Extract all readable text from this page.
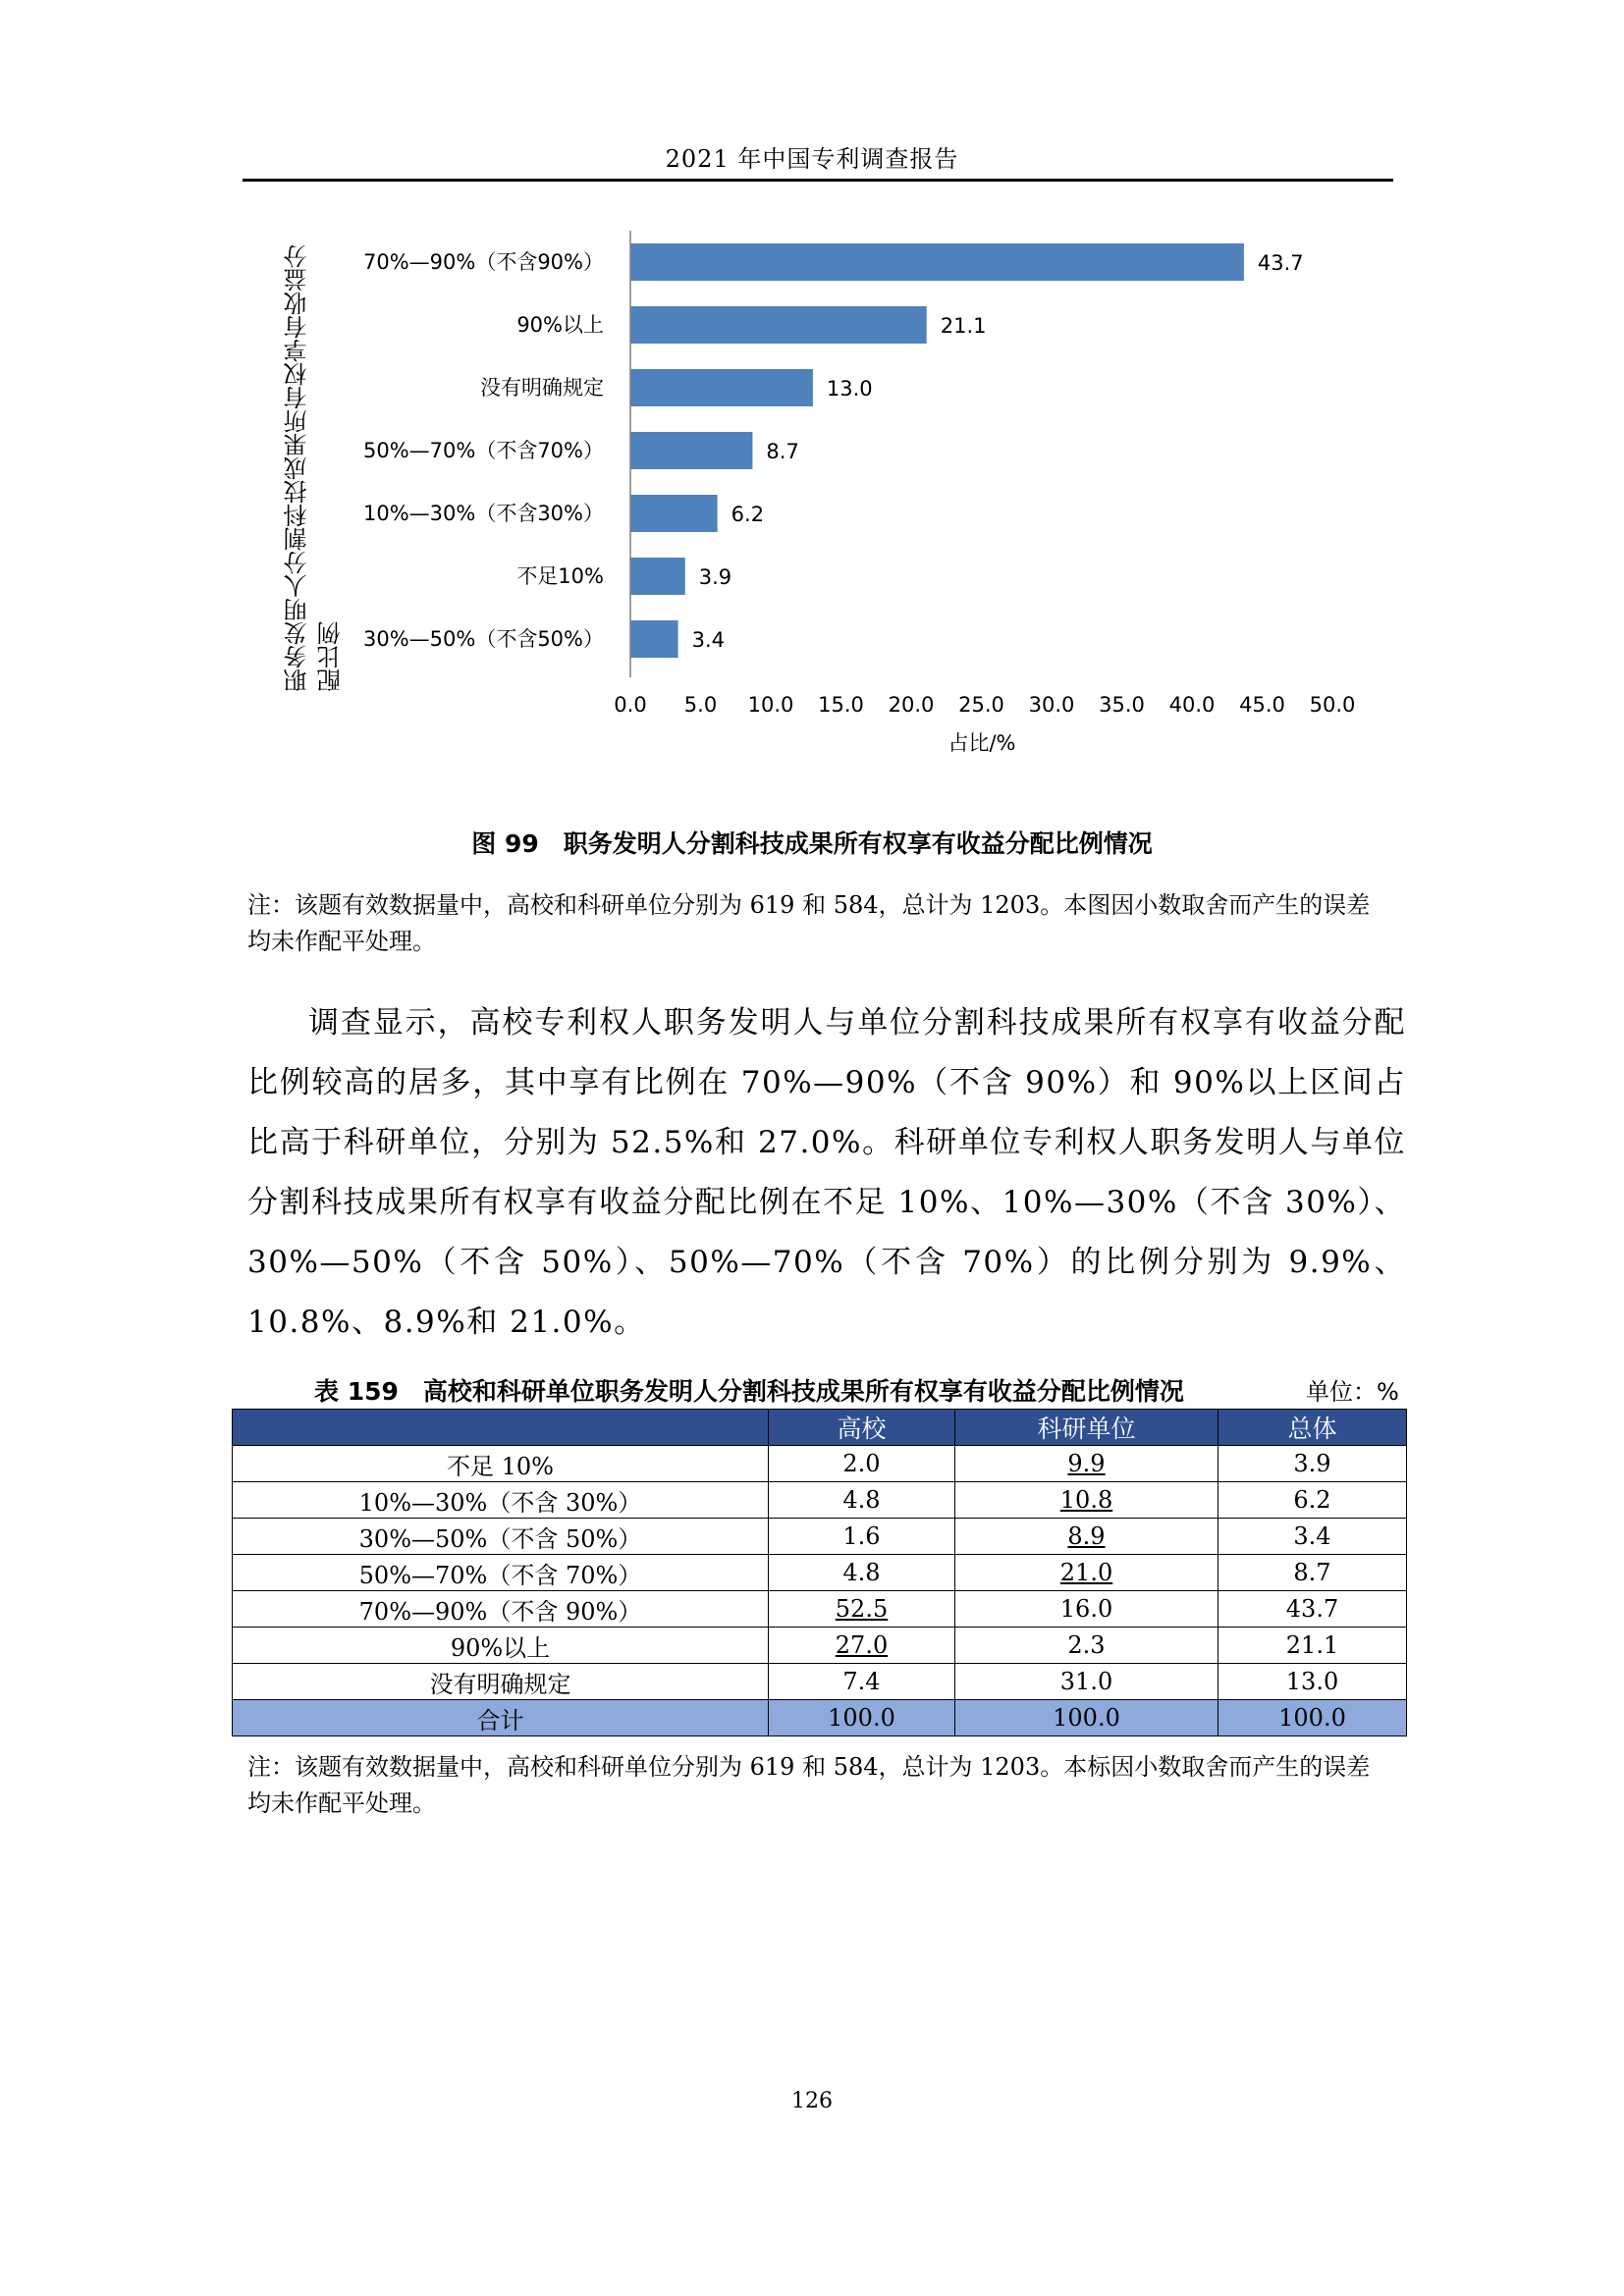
2021 年中国专利调查报告
70%—90%（不含90%）	43.7
90%以上	21.1
没有明确规定	13.0
50%—70%（不含70%）	8.7
10%—30%（不含30%）	6.2
不足10%	3.9
30%—50%（不含50%）	3.4
0.0 5.0 10.0 15.0 20.0 25.0 30.0 35.0 40.0 45.0 50.0
占比/%
职务发明人分割科技成果所有权享有收益分配比例
图 99　职务发明人分割科技成果所有权享有收益分配比例情况
注：该题有效数据量中，高校和科研单位分别为 619 和 584，总计为 1203。本图因小数取舍而产生的误差均未作配平处理。
调查显示，高校专利权人职务发明人与单位分割科技成果所有权享有收益分配比例较高的居多，其中享有比例在 70%—90%（不含 90%）和 90%以上区间占比高于科研单位，分别为 52.5%和 27.0%。科研单位专利权人职务发明人与单位分割科技成果所有权享有收益分配比例在不足 10%、10%—30%（不含 30%）、30%—50%（不含 50%）、50%—70%（不含 70%）的比例分别为 9.9%、10.8%、8.9%和 21.0%。
表 159　高校和科研单位职务发明人分割科技成果所有权享有收益分配比例情况	单位：%
	高校	科研单位	总体
不足 10%	2.0	9.9	3.9
10%—30%（不含 30%）	4.8	10.8	6.2
30%—50%（不含 50%）	1.6	8.9	3.4
50%—70%（不含 70%）	4.8	21.0	8.7
70%—90%（不含 90%）	52.5	16.0	43.7
90%以上	27.0	2.3	21.1
没有明确规定	7.4	31.0	13.0
合计	100.0	100.0	100.0
注：该题有效数据量中，高校和科研单位分别为 619 和 584，总计为 1203。本标因小数取舍而产生的误差均未作配平处理。
126
